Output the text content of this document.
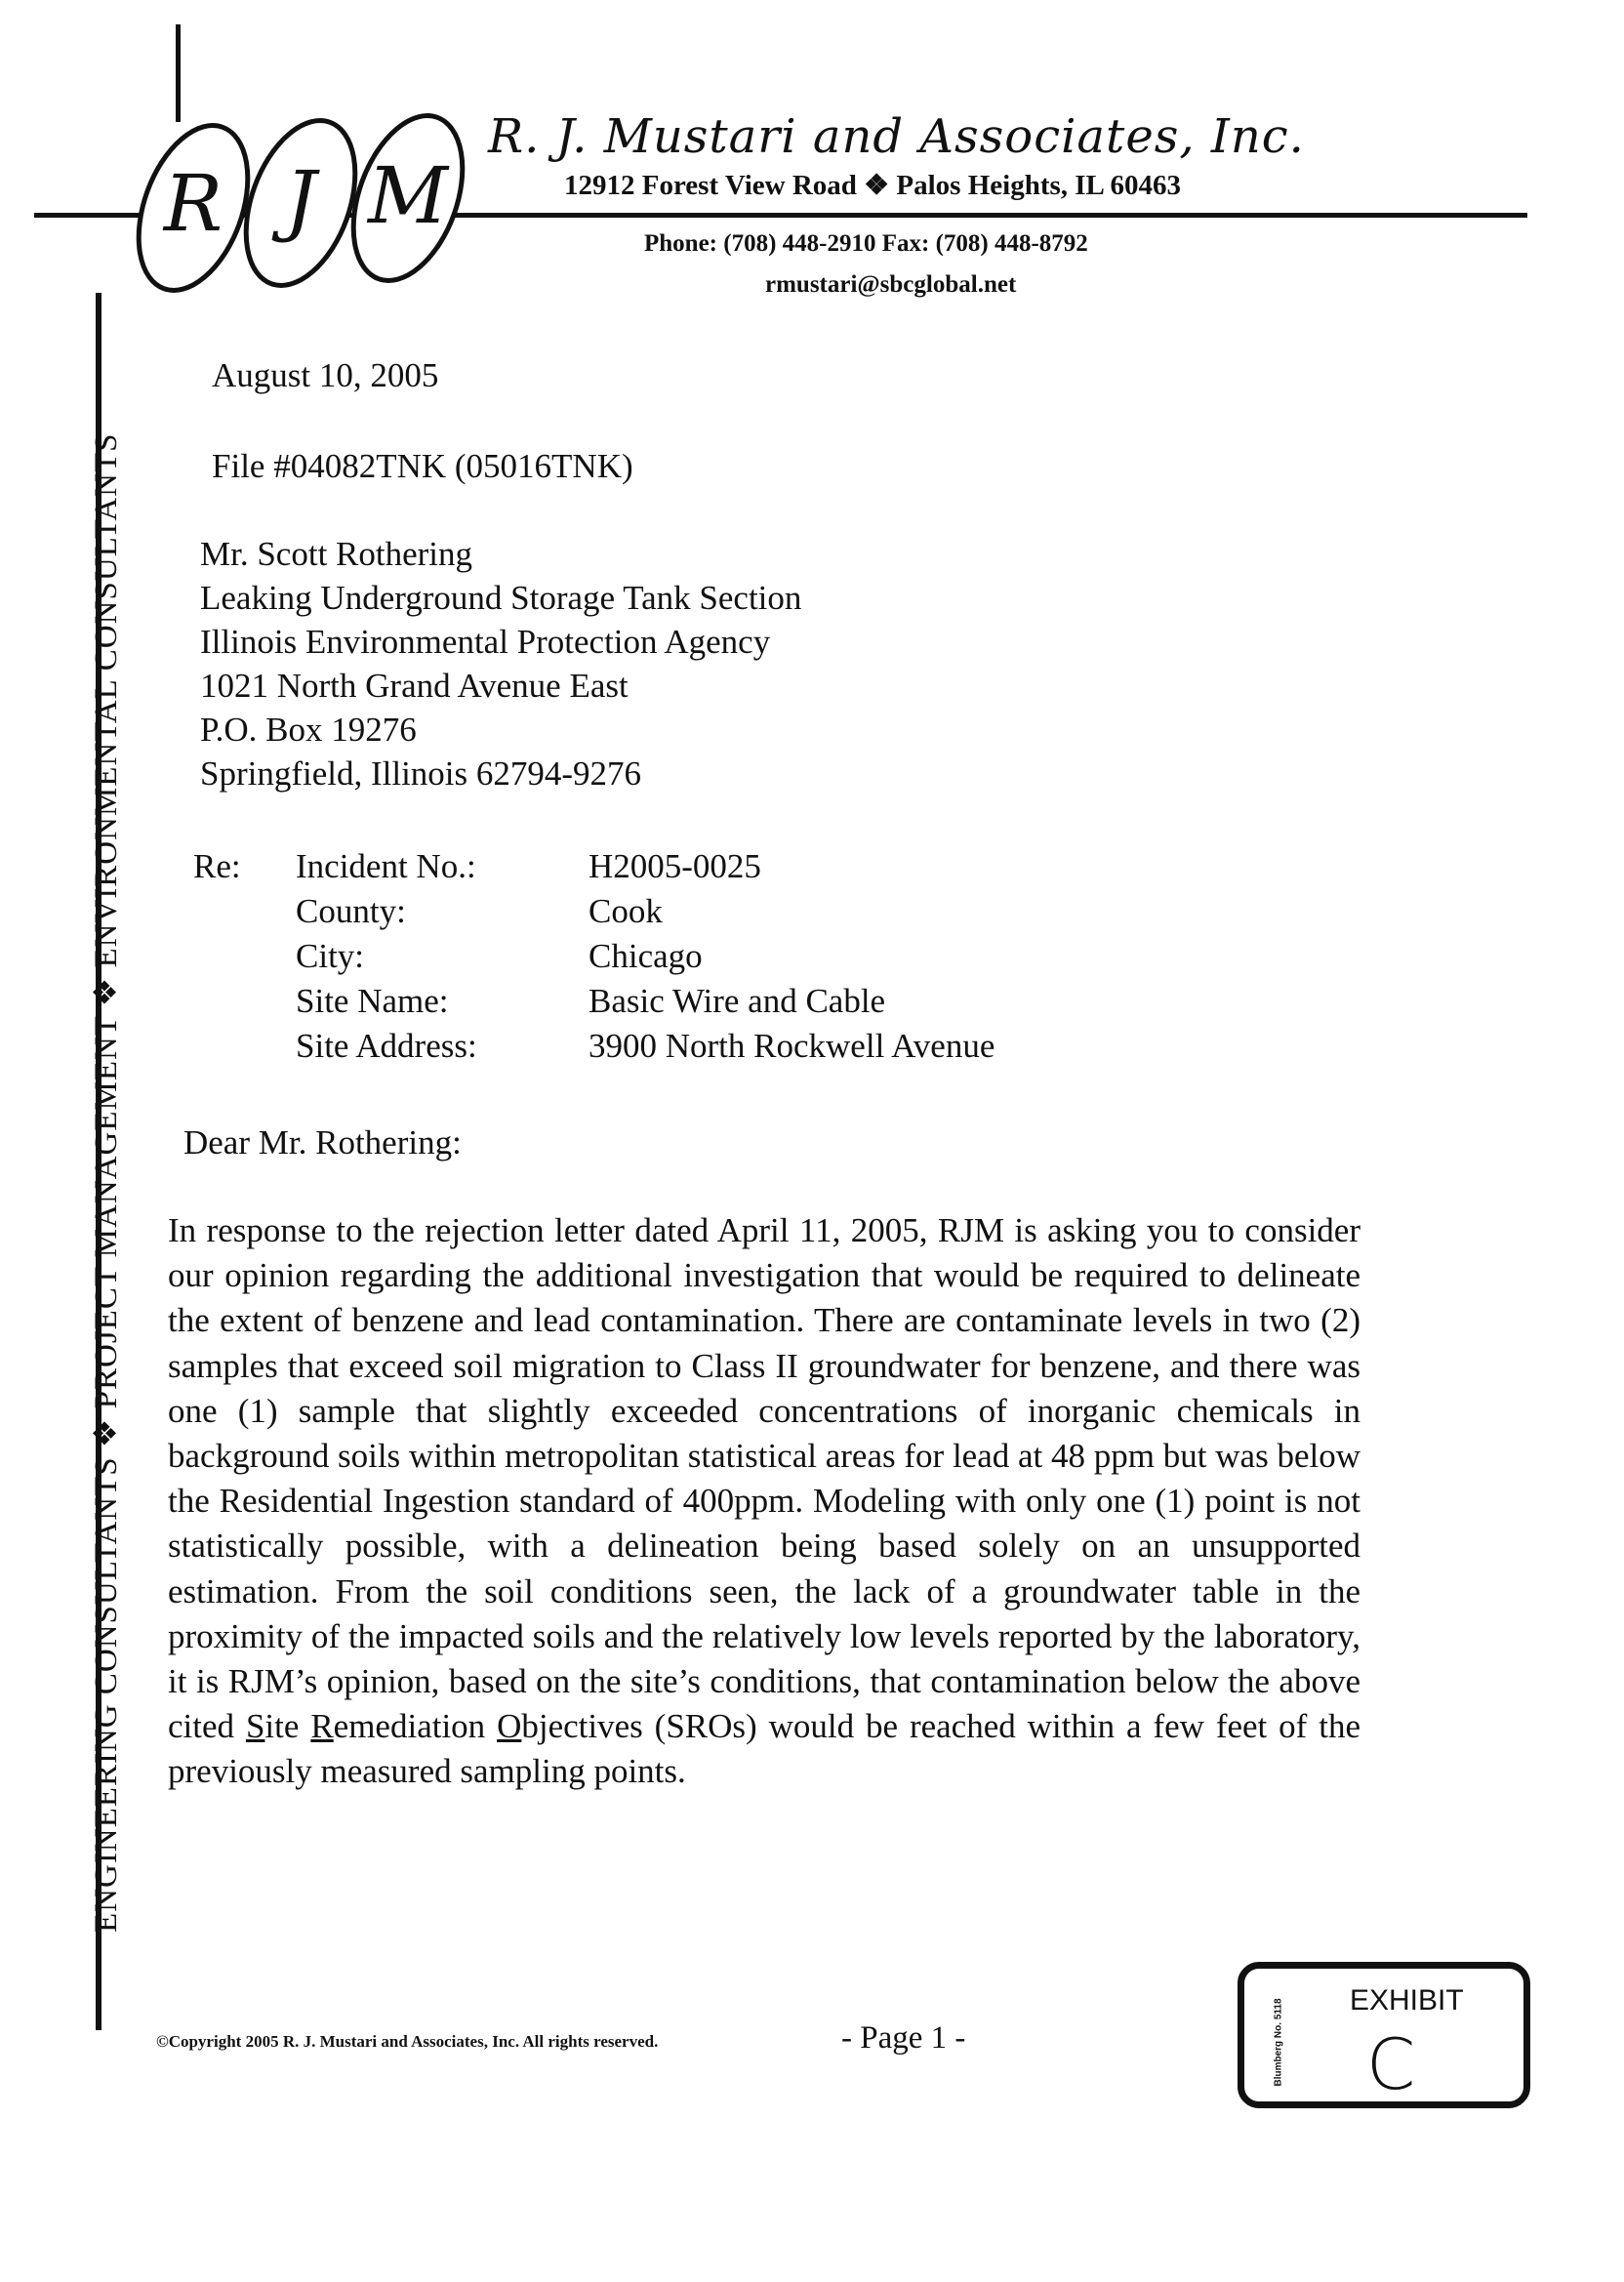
R J M
R. J. Mustari and Associates, Inc.
12912 Forest View Road ❖ Palos Heights, IL 60463
Phone: (708) 448-2910 Fax: (708) 448-8792
rmustari@sbcglobal.net
ENGINEERING CONSULTANTS ❖ PROJECT MANAGEMENT ❖ ENVIRONMENTAL CONSULTANTS
August 10, 2005
File #04082TNK (05016TNK)
Mr. Scott Rothering
Leaking Underground Storage Tank Section
Illinois Environmental Protection Agency
1021 North Grand Avenue East
P.O. Box 19276
Springfield, Illinois 62794-9276
Re: Incident No.:	H2005-0025
County:	Cook
City:	Chicago
Site Name:	Basic Wire and Cable
Site Address:	3900 North Rockwell Avenue
Dear Mr. Rothering:
In response to the rejection letter dated April 11, 2005, RJM is asking you to consider our opinion regarding the additional investigation that would be required to delineate the extent of benzene and lead contamination. There are contaminate levels in two (2) samples that exceed soil migration to Class II groundwater for benzene, and there was one (1) sample that slightly exceeded concentrations of inorganic chemicals in background soils within metropolitan statistical areas for lead at 48 ppm but was below the Residential Ingestion standard of 400ppm. Modeling with only one (1) point is not statistically possible, with a delineation being based solely on an unsupported estimation. From the soil conditions seen, the lack of a groundwater table in the proximity of the impacted soils and the relatively low levels reported by the laboratory, it is RJM’s opinion, based on the site’s conditions, that contamination below the above cited Site Remediation Objectives (SROs) would be reached within a few feet of the previously measured sampling points.
©Copyright 2005 R. J. Mustari and Associates, Inc. All rights reserved.	- Page 1 -	Blumberg No. 5118 EXHIBIT
C
